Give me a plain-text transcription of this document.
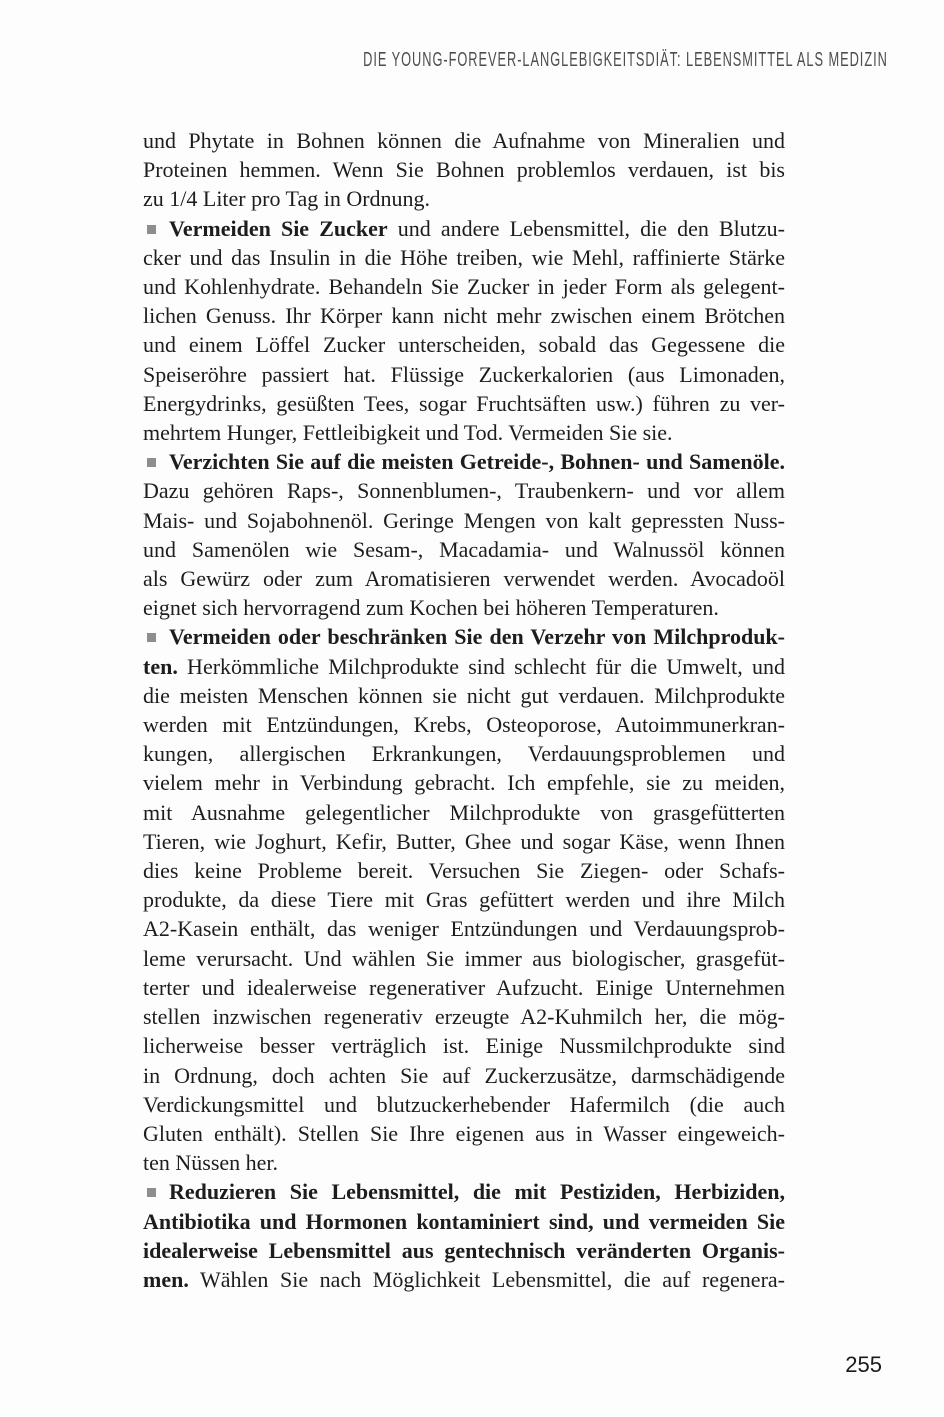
DIE YOUNG-FOREVER-LANGLEBIGKEITSDIÄT: LEBENSMITTEL ALS MEDIZIN
und Phytate in Bohnen können die Aufnahme von Mineralien und
Proteinen hemmen. Wenn Sie Bohnen problemlos verdauen, ist bis
zu 1/4 Liter pro Tag in Ordnung.
Vermeiden Sie Zucker und andere Lebensmittel, die den Blutzu-
cker und das Insulin in die Höhe treiben, wie Mehl, raffinierte Stärke
und Kohlenhydrate. Behandeln Sie Zucker in jeder Form als gelegent-
lichen Genuss. Ihr Körper kann nicht mehr zwischen einem Brötchen
und einem Löffel Zucker unterscheiden, sobald das Gegessene die
Speiseröhre passiert hat. Flüssige Zuckerkalorien (aus Limonaden,
Energydrinks, gesüßten Tees, sogar Fruchtsäften usw.) führen zu ver-
mehrtem Hunger, Fettleibigkeit und Tod. Vermeiden Sie sie.
Verzichten Sie auf die meisten Getreide-, Bohnen- und Samenöle.
Dazu gehören Raps-, Sonnenblumen-, Traubenkern- und vor allem
Mais- und Sojabohnenöl. Geringe Mengen von kalt gepressten Nuss-
und Samenölen wie Sesam-, Macadamia- und Walnussöl können
als Gewürz oder zum Aromatisieren verwendet werden. Avocadoöl
eignet sich hervorragend zum Kochen bei höheren Temperaturen.
Vermeiden oder beschränken Sie den Verzehr von Milchproduk-
ten. Herkömmliche Milchprodukte sind schlecht für die Umwelt, und
die meisten Menschen können sie nicht gut verdauen. Milchprodukte
werden mit Entzündungen, Krebs, Osteoporose, Autoimmunerkran-
kungen, allergischen Erkrankungen, Verdauungsproblemen und
vielem mehr in Verbindung gebracht. Ich empfehle, sie zu meiden,
mit Ausnahme gelegentlicher Milchprodukte von grasgefütterten
Tieren, wie Joghurt, Kefir, Butter, Ghee und sogar Käse, wenn Ihnen
dies keine Probleme bereit. Versuchen Sie Ziegen- oder Schafs-
produkte, da diese Tiere mit Gras gefüttert werden und ihre Milch
A2-Kasein enthält, das weniger Entzündungen und Verdauungsprob-
leme verursacht. Und wählen Sie immer aus biologischer, grasgefüt-
terter und idealerweise regenerativer Aufzucht. Einige Unternehmen
stellen inzwischen regenerativ erzeugte A2-Kuhmilch her, die mög-
licherweise besser verträglich ist. Einige Nussmilchprodukte sind
in Ordnung, doch achten Sie auf Zuckerzusätze, darmschädigende
Verdickungsmittel und blutzuckerhebender Hafermilch (die auch
Gluten enthält). Stellen Sie Ihre eigenen aus in Wasser eingeweich-
ten Nüssen her.
Reduzieren Sie Lebensmittel, die mit Pestiziden, Herbiziden,
Antibiotika und Hormonen kontaminiert sind, und vermeiden Sie
idealerweise Lebensmittel aus gentechnisch veränderten Organis-
men. Wählen Sie nach Möglichkeit Lebensmittel, die auf regenera-
255
